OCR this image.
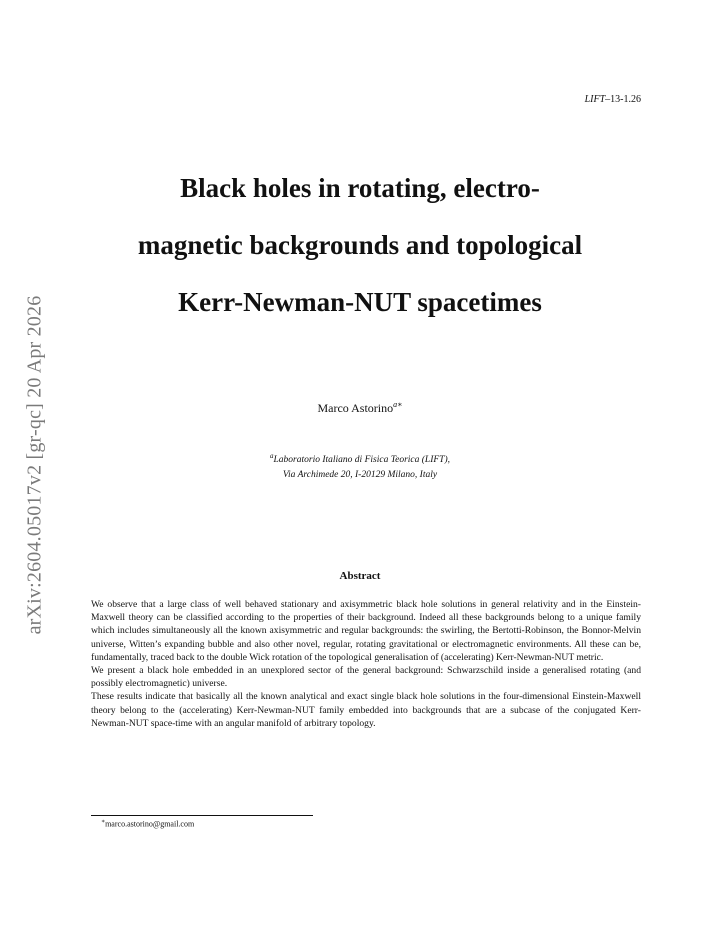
LIFT–13-1.26
Black holes in rotating, electro-
magnetic backgrounds and topological
Kerr-Newman-NUT spacetimes
Marco Astorino$^{a∗}$
$^a$Laboratorio Italiano di Fisica Teorica (LIFT),
Via Archimede 20, I-20129 Milano, Italy
Abstract

We observe that a large class of well behaved stationary and axisymmetric black hole solutions in general relativity and in the Einstein-Maxwell theory can be classified according to the properties of their background. Indeed all these backgrounds belong to a unique family which includes simultaneously all the known axisymmetric and regular backgrounds: the swirling, the Bertotti-Robinson, the Bonnor-Melvin universe, Witten’s expanding bubble and also other novel, regular, rotating gravitational or electromagnetic environments. All these can be, fundamentally, traced back to the double Wick rotation of the topological generalisation of (accelerating) Kerr-Newman-NUT metric.

We present a black hole embedded in an unexplored sector of the general background: Schwarzschild inside a generalised rotating (and possibly electromagnetic) universe.

These results indicate that basically all the known analytical and exact single black hole solutions in the four-dimensional Einstein-Maxwell theory belong to the (accelerating) Kerr-Newman-NUT family embedded into backgrounds that are a subcase of the conjugated Kerr-Newman-NUT space-time with an angular manifold of arbitrary topology.

∗marco.astorino@gmail.com
arXiv:2604.05017v2 [gr-qc] 20 Apr 2026
